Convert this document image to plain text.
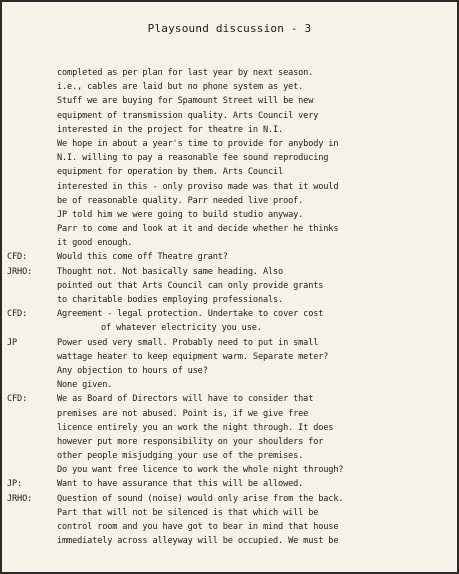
Playsound discussion - 3
completed as per plan for last year by next season.
i.e., cables are laid but no phone system as yet.
Stuff we are buying for Spamount Street will be new
equipment of transmission quality. Arts Council very
interested in the project for theatre in N.I.
We hope in about a year's time to provide for anybody in
N.I. willing to pay a reasonable fee sound reproducing
equipment for operation by them. Arts Council
interested in this - only proviso made was that it would
be of reasonable quality. Parr needed live proof.
JP told him we were going to build studio anyway.
Parr to come and look at it and decide whether he thinks
it good enough.
CFD:	Would this come off Theatre grant?
JRHO:	Thought not. Not basically same heading. Also
pointed out that Arts Council can only provide grants
to charitable bodies employing professionals.
CFD:	Agreement - legal protection. Undertake to cover cost
of whatever electricity you use.
JP	Power used very small. Probably need to put in small
wattage heater to keep equipment warm. Separate meter?
Any objection to hours of use?
None given.
CFD:	We as Board of Directors will have to consider that
premises are not abused. Point is, if we give free
licence entirely you an work the night through. It does
however put more responsibility on your shoulders for
other people misjudging your use of the premises.
Do you want free licence to work the whole night through?
JP:	Want to have assurance that this will be allowed.
JRHO:	Question of sound (noise) would only arise from the back.
Part that will not be silenced is that which will be
control room and you have got to bear in mind that house
immediately across alleyway will be occupied. We must be
